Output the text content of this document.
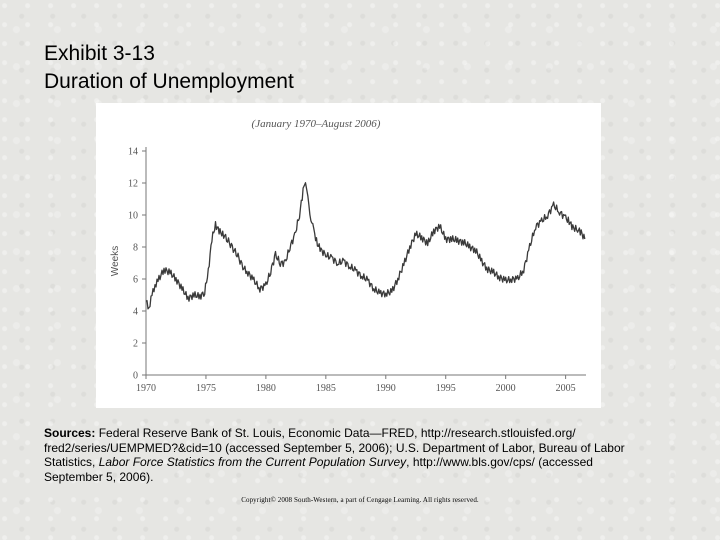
Exhibit 3-13
Duration of Unemployment
(January 1970–August 2006)
Weeks
0
2
4
6
8
10
12
14
1970	1975	1980	1985	1990	1995	2000	2005
Sources: Federal Reserve Bank of St. Louis, Economic Data—FRED, http://research.stlouisfed.org/ fred2/series/UEMPMED?&cid=10 (accessed September 5, 2006); U.S. Department of Labor, Bureau of Labor Statistics, Labor Force Statistics from the Current Population Survey, http://www.bls.gov/cps/ (accessed September 5, 2006).
Copyright© 2008 South-Western, a part of Cengage Learning. All rights reserved.
